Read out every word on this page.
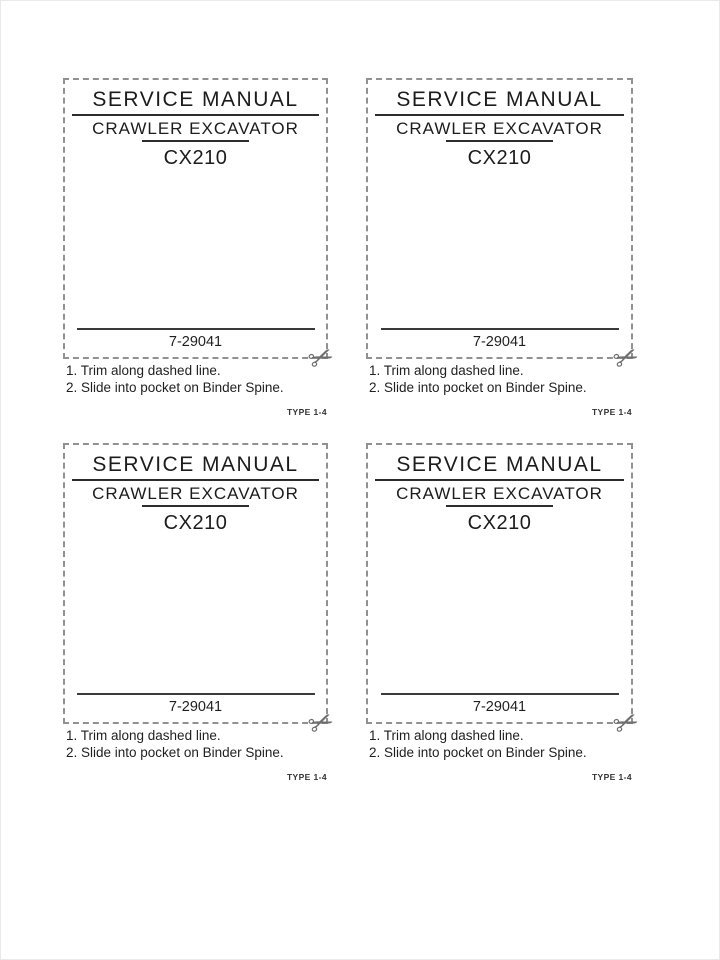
SERVICE MANUAL
CRAWLER EXCAVATOR
CX210
7-29041	✂
1. Trim along dashed line.
2. Slide into pocket on Binder Spine.
TYPE 1-4
SERVICE MANUAL
CRAWLER EXCAVATOR
CX210
7-29041	✂
1. Trim along dashed line.
2. Slide into pocket on Binder Spine.
TYPE 1-4
SERVICE MANUAL
CRAWLER EXCAVATOR
CX210
7-29041	✂
1. Trim along dashed line.
2. Slide into pocket on Binder Spine.
TYPE 1-4
SERVICE MANUAL
CRAWLER EXCAVATOR
CX210
7-29041	✂
1. Trim along dashed line.
2. Slide into pocket on Binder Spine.
TYPE 1-4
